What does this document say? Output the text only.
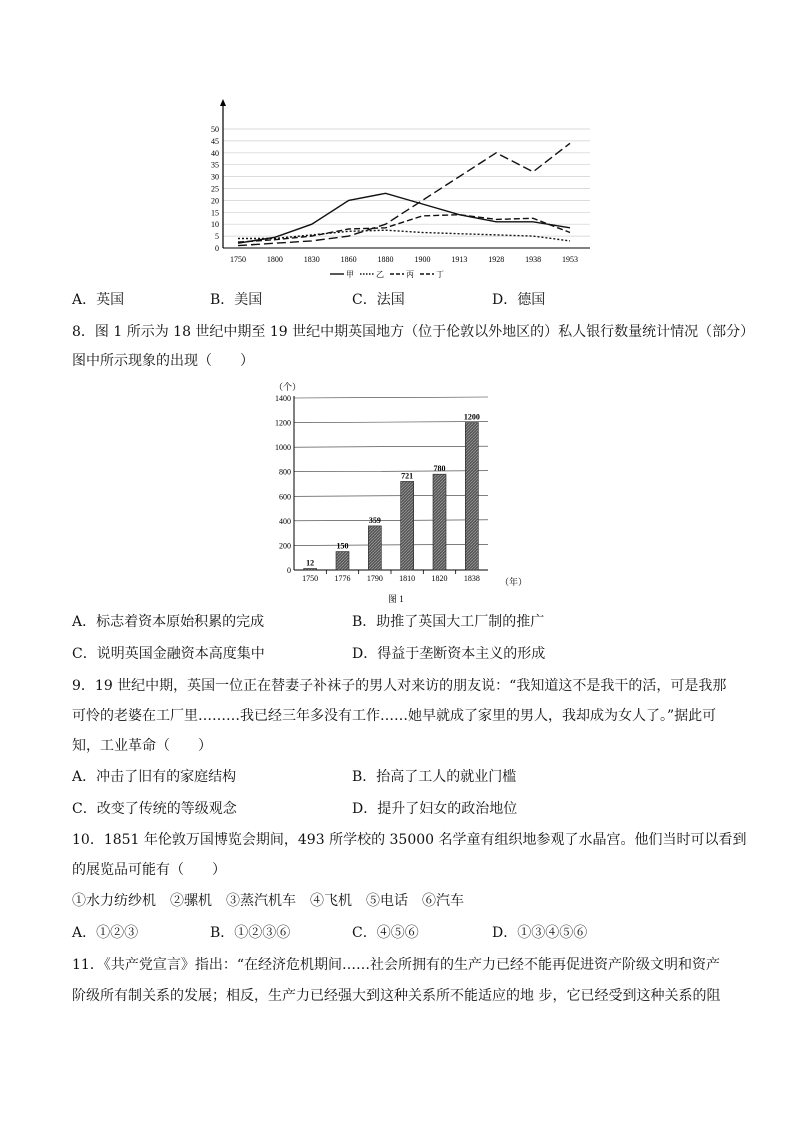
0
5
10
15
20
25
30
35
40
45
50
1750	1800	1830	1860	1880	1900	1913	1928	1938	1953
甲	乙	丙	丁
A．英国	B．美国	C．法国	D．德国
8．图 1 所示为 18 世纪中期至 19 世纪中期英国地方（位于伦敦以外地区的）私人银行数量统计情况（部分）
图中所示现象的出现（　　）
0
200
400
600
800
1000
1200
1400
12
150
359
721
780
1200
1750 1776 1790 1810 1820 1838
（个）
（年）
图 1
A．标志着资本原始积累的完成	B．助推了英国大工厂制的推广
C．说明英国金融资本高度集中	D．得益于垄断资本主义的形成
9．19 世纪中期，英国一位正在替妻子补袜子的男人对来访的朋友说：“我知道这不是我干的活，可是我那
可怜的老婆在工厂里………我已经三年多没有工作……她早就成了家里的男人，我却成为女人了。”据此可
知，工业革命（　　）
A．冲击了旧有的家庭结构	B．抬高了工人的就业门槛
C．改变了传统的等级观念	D．提升了妇女的政治地位
10．1851 年伦敦万国博览会期间，493 所学校的 35000 名学童有组织地参观了水晶宫。他们当时可以看到
的展览品可能有（　　）
①水力纺纱机　②骡机　③蒸汽机车　④飞机　⑤电话　⑥汽车
A．①②③	B．①②③⑥	C．④⑤⑥	D．①③④⑤⑥
11．《共产党宣言》指出：“在经济危机期间……社会所拥有的生产力已经不能再促进资产阶级文明和资产
阶级所有制关系的发展；相反，生产力已经强大到这种关系所不能适应的地 步，它已经受到这种关系的阻
